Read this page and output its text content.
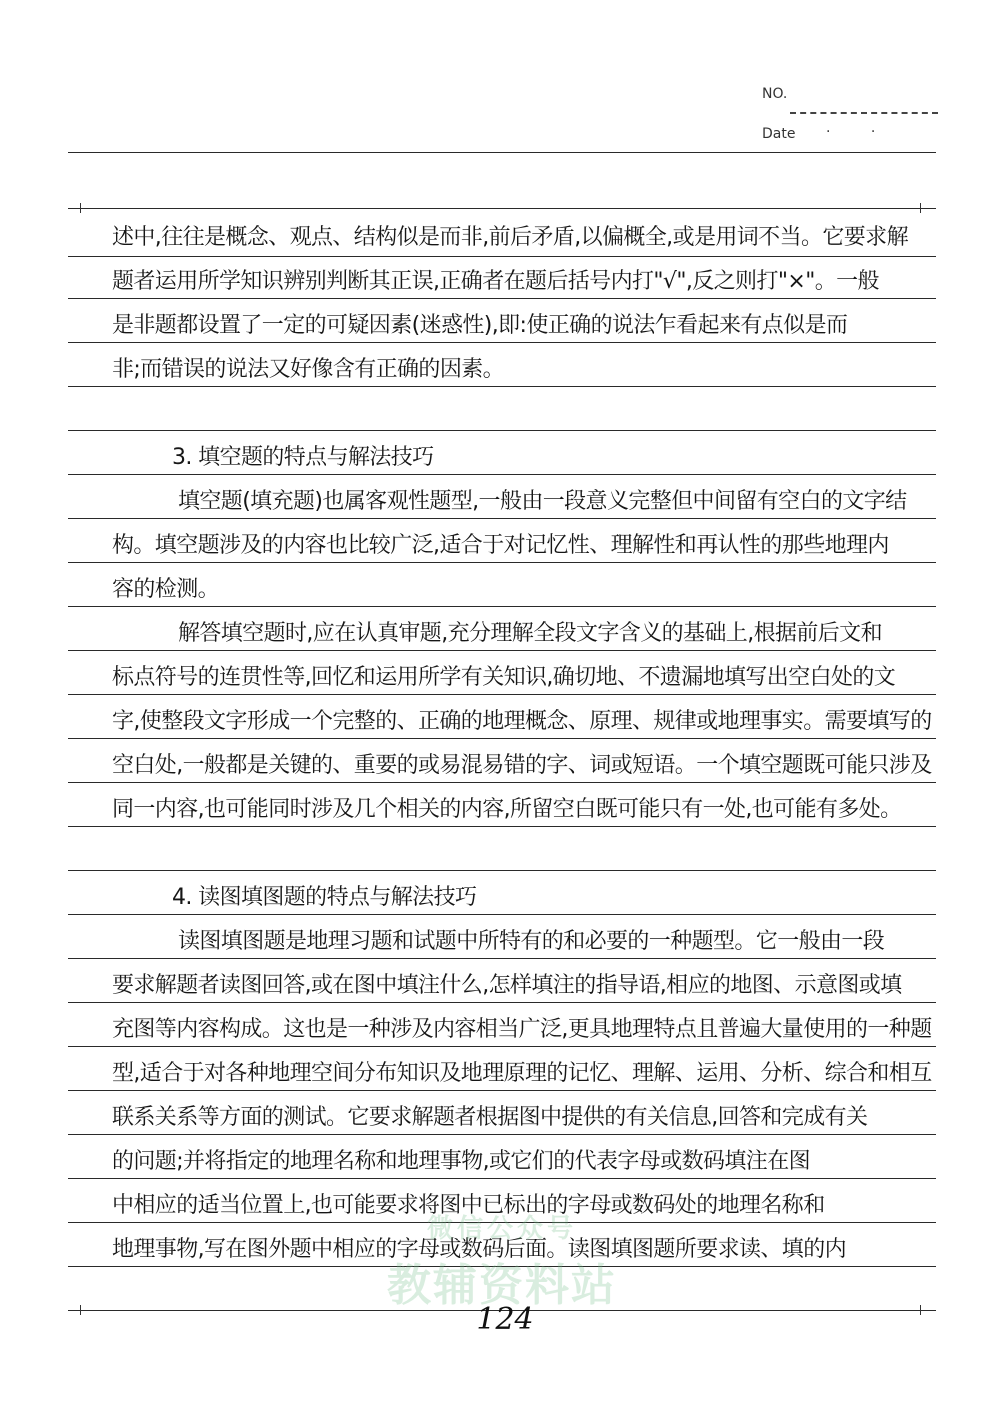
NO.
Date · ·
述中,往往是概念、观点、结构似是而非,前后矛盾,以偏概全,或是用词不当。它要求解
题者运用所学知识辨别判断其正误,正确者在题后括号内打"√",反之则打"×"。一般
是非题都设置了一定的可疑因素(迷惑性),即:使正确的说法乍看起来有点似是而
非;而错误的说法又好像含有正确的因素。
3. 填空题的特点与解法技巧
填空题(填充题)也属客观性题型,一般由一段意义完整但中间留有空白的文字结
构。填空题涉及的内容也比较广泛,适合于对记忆性、理解性和再认性的那些地理内
容的检测。
解答填空题时,应在认真审题,充分理解全段文字含义的基础上,根据前后文和
标点符号的连贯性等,回忆和运用所学有关知识,确切地、不遗漏地填写出空白处的文
字,使整段文字形成一个完整的、正确的地理概念、原理、规律或地理事实。需要填写的
空白处,一般都是关键的、重要的或易混易错的字、词或短语。一个填空题既可能只涉及
同一内容,也可能同时涉及几个相关的内容,所留空白既可能只有一处,也可能有多处。
4. 读图填图题的特点与解法技巧
读图填图题是地理习题和试题中所特有的和必要的一种题型。它一般由一段
要求解题者读图回答,或在图中填注什么,怎样填注的指导语,相应的地图、示意图或填
充图等内容构成。这也是一种涉及内容相当广泛,更具地理特点且普遍大量使用的一种题
型,适合于对各种地理空间分布知识及地理原理的记忆、理解、运用、分析、综合和相互
联系关系等方面的测试。它要求解题者根据图中提供的有关信息,回答和完成有关
的问题;并将指定的地理名称和地理事物,或它们的代表字母或数码填注在图
中相应的适当位置上,也可能要求将图中已标出的字母或数码处的地理名称和
地理事物,写在图外题中相应的字母或数码后面。读图填图题所要求读、填的内
微信公众号
教辅资料站
124
